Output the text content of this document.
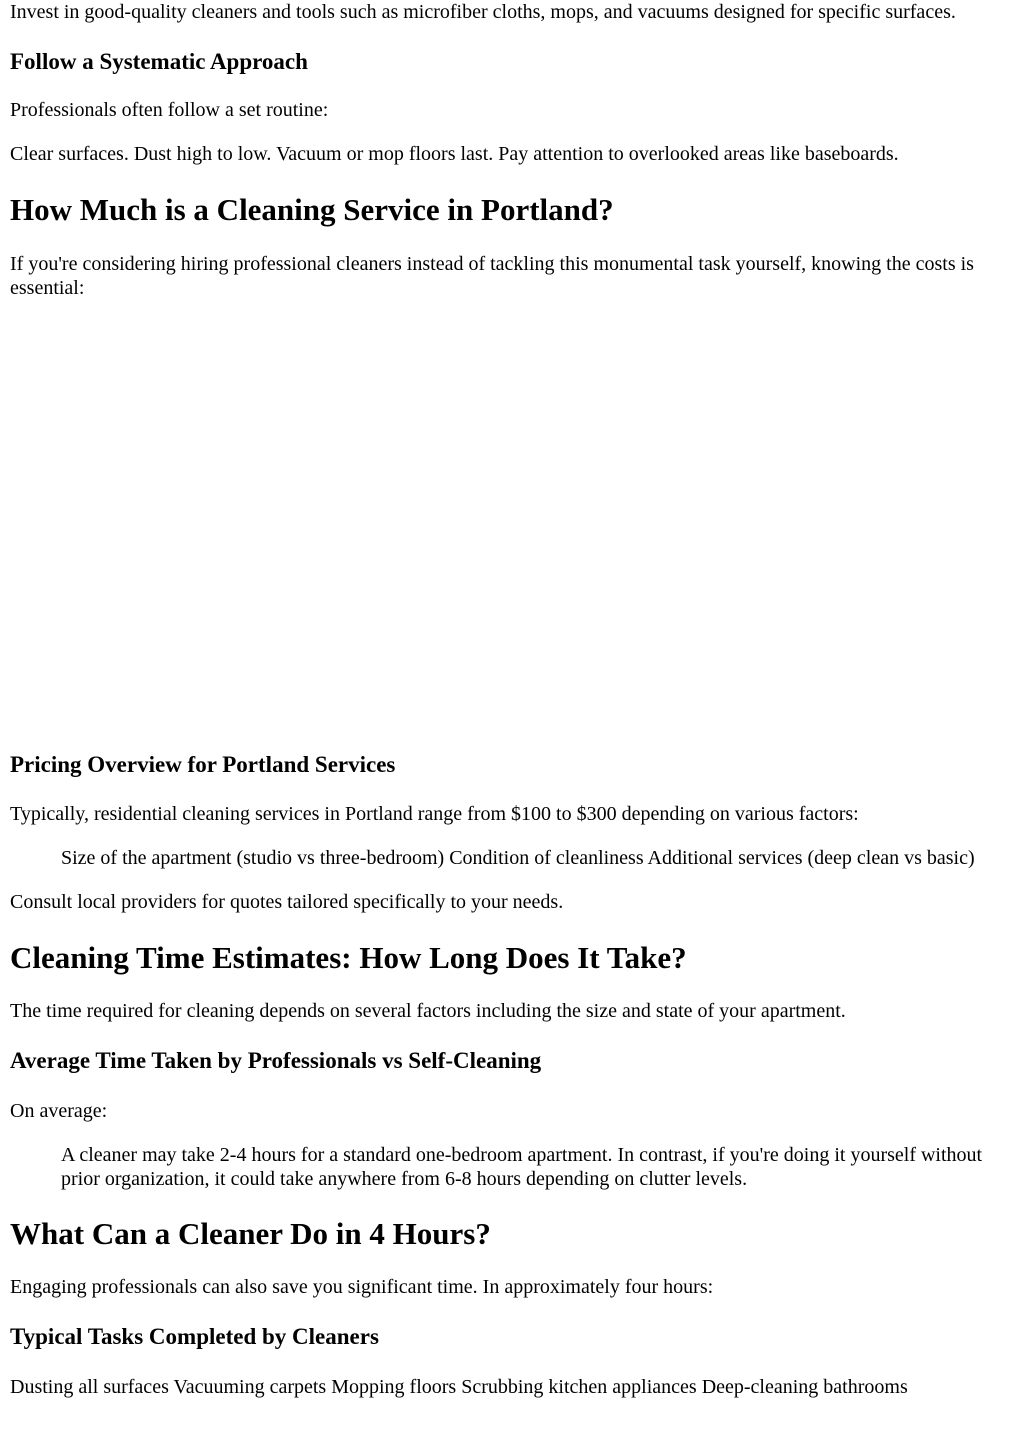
Invest in good-quality cleaners and tools such as microfiber cloths, mops, and vacuums designed for specific surfaces.

Follow a Systematic Approach

Professionals often follow a set routine:

Clear surfaces. Dust high to low. Vacuum or mop floors last. Pay attention to overlooked areas like baseboards.

How Much is a Cleaning Service in Portland?

If you're considering hiring professional cleaners instead of tackling this monumental task yourself, knowing the costs is essential:

Pricing Overview for Portland Services

Typically, residential cleaning services in Portland range from $100 to $300 depending on various factors:

Size of the apartment (studio vs three-bedroom) Condition of cleanliness Additional services (deep clean vs basic)

Consult local providers for quotes tailored specifically to your needs.

Cleaning Time Estimates: How Long Does It Take?

The time required for cleaning depends on several factors including the size and state of your apartment.

Average Time Taken by Professionals vs Self-Cleaning

On average:

A cleaner may take 2-4 hours for a standard one-bedroom apartment. In contrast, if you're doing it yourself without prior organization, it could take anywhere from 6-8 hours depending on clutter levels.

What Can a Cleaner Do in 4 Hours?

Engaging professionals can also save you significant time. In approximately four hours:

Typical Tasks Completed by Cleaners

Dusting all surfaces Vacuuming carpets Mopping floors Scrubbing kitchen appliances Deep-cleaning bathrooms
